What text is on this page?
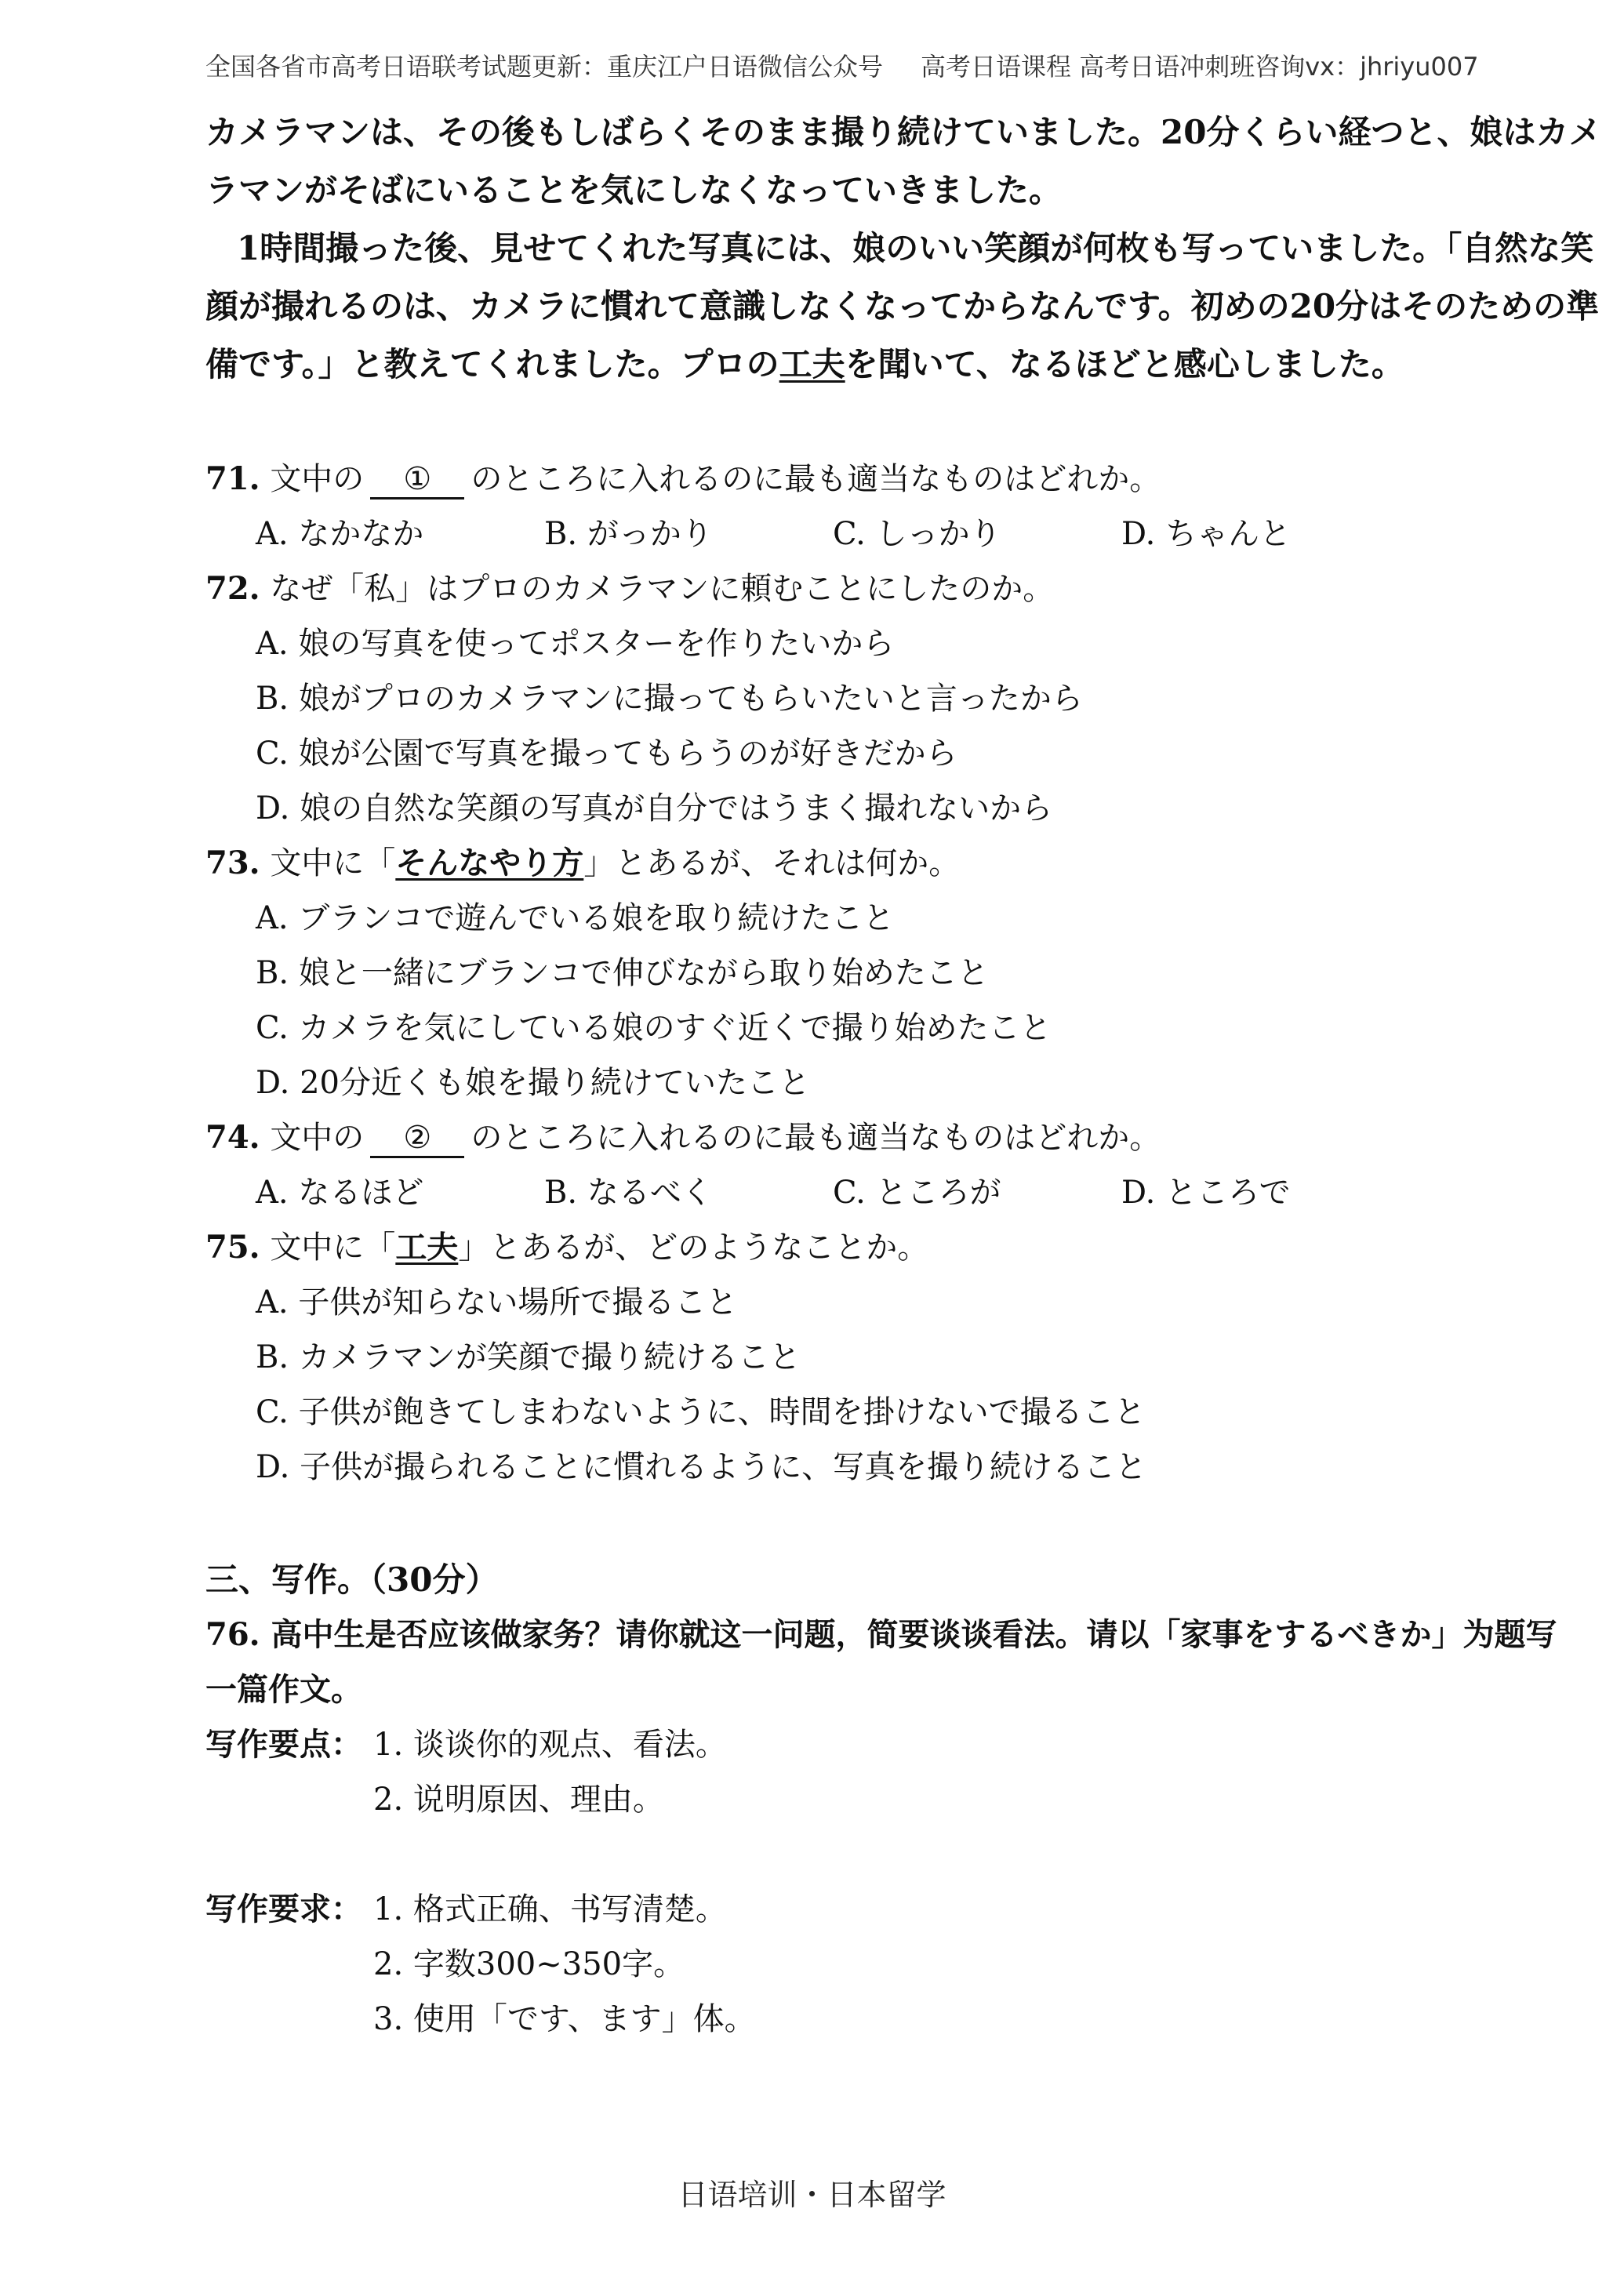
全国各省市高考日语联考试题更新：重庆江户日语微信公众号 高考日语课程 高考日语冲刺班咨询vx：jhriyu007

カメラマンは、その後もしばらくそのまま撮り続けていました。20分くらい経つと、娘はカメ

ラマンがそばにいることを気にしなくなっていきました。

1時間撮った後、見せてくれた写真には、娘のいい笑顔が何枚も写っていました。「自然な笑

顔が撮れるのは、カメラに慣れて意識しなくなってからなんです。初めの20分はそのための準

備です。」と教えてくれました。プロの工夫を聞いて、なるほどと感心しました。

71. 文中の ① のところに入れるのに最も適当なものはどれか。
A. なかなか	B. がっかり	C. しっかり	D. ちゃんと
72. なぜ「私」はプロのカメラマンに頼むことにしたのか。
A. 娘の写真を使ってポスターを作りたいから
B. 娘がプロのカメラマンに撮ってもらいたいと言ったから
C. 娘が公園で写真を撮ってもらうのが好きだから
D. 娘の自然な笑顔の写真が自分ではうまく撮れないから
73. 文中に「そんなやり方」とあるが、それは何か。
A. ブランコで遊んでいる娘を取り続けたこと
B. 娘と一緒にブランコで伸びながら取り始めたこと
C. カメラを気にしている娘のすぐ近くで撮り始めたこと
D. 20分近くも娘を撮り続けていたこと
74. 文中の ② のところに入れるのに最も適当なものはどれか。
A. なるほど	B. なるべく	C. ところが	D. ところで
75. 文中に「工夫」とあるが、どのようなことか。
A. 子供が知らない場所で撮ること
B. カメラマンが笑顔で撮り続けること
C. 子供が飽きてしまわないように、時間を掛けないで撮ること
D. 子供が撮られることに慣れるように、写真を撮り続けること
三、写作。（30分）
76. 高中生是否应该做家务？请你就这一问题，简要谈谈看法。请以「家事をするべきか」为题写
一篇作文。
写作要点： 1. 谈谈你的观点、看法。
2. 说明原因、理由。
写作要求： 1. 格式正确、书写清楚。
2. 字数300~350字。
3. 使用「です、ます」体。
日语培训・日本留学
